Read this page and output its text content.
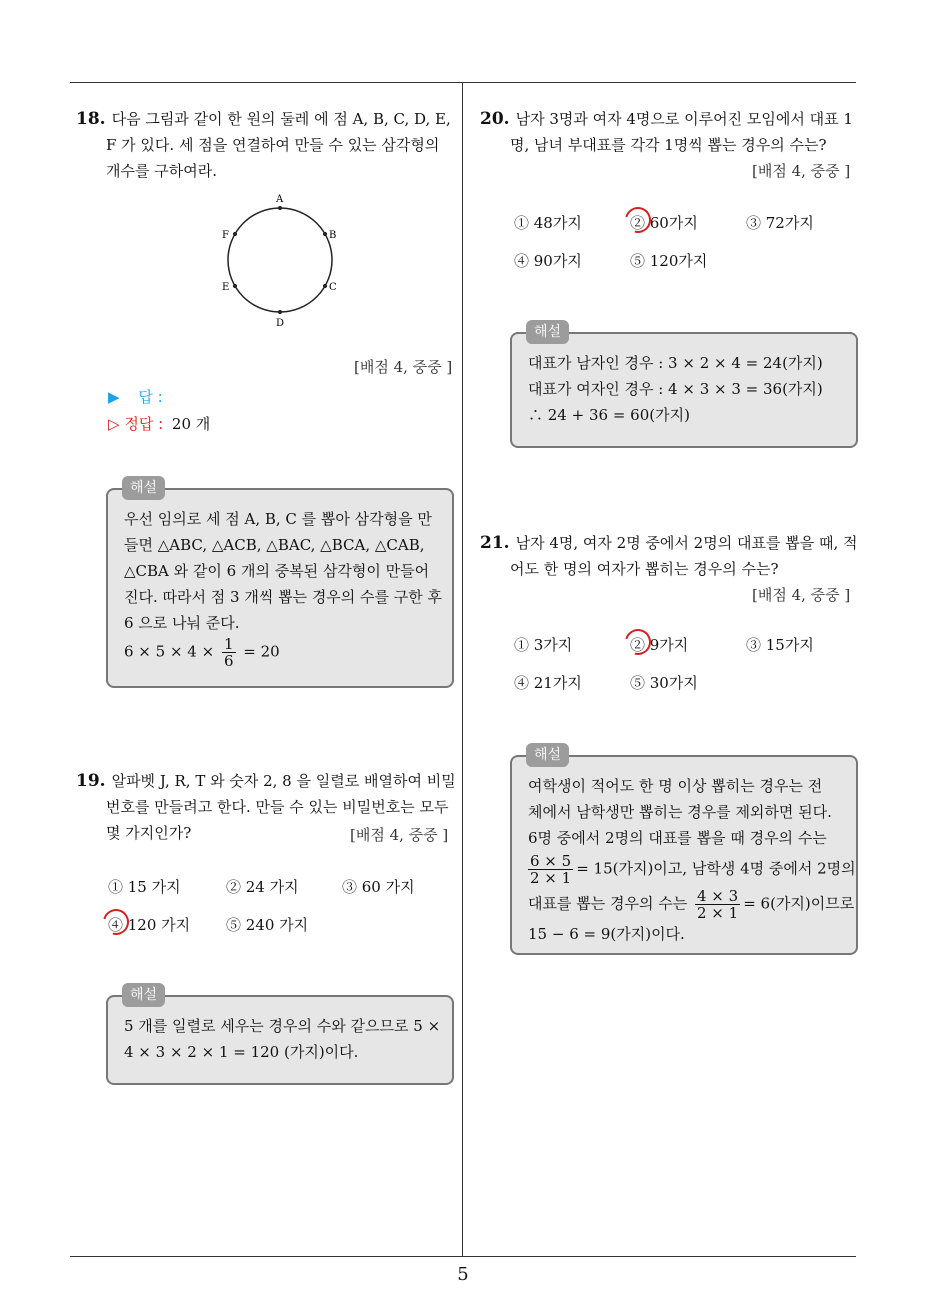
5
18. 다음 그림과 같이 한 원의 둘레 에 점 A, B, C, D, E,
F 가 있다. 세 점을 연결하여 만들 수 있는 삼각형의
개수를 구하여라.
A
B
C
D
E
F
[배점 4, 중중 ]
▶ 답 :
▷ 정답 : 20 개
해설
우선 임의로 세 점 A, B, C 를 뽑아 삼각형을 만
들면 △ABC, △ACB, △BAC, △BCA, △CAB,
△CBA 와 같이 6 개의 중복된 삼각형이 만들어
진다. 따라서 점 3 개씩 뽑는 경우의 수를 구한 후
6 으로 나눠 준다.
$6 \times 5 \times 4 \times \frac{1}{6} = 20$
19. 알파벳 J, R, T 와 숫자 2, 8 을 일렬로 배열하여 비밀
번호를 만들려고 한다. 만들 수 있는 비밀번호는 모두
몇 가지인가?	[배점 4, 중중 ]
① 15 가지	② 24 가지	③ 60 가지
④ 120 가지 ⑤ 240 가지
해설
5 개를 일렬로 세우는 경우의 수와 같으므로 5 ×
4 × 3 × 2 × 1 = 120 (가지)이다.
20. 남자 3명과 여자 4명으로 이루어진 모임에서 대표 1
명, 남녀 부대표를 각각 1명씩 뽑는 경우의 수는?
[배점 4, 중중 ]
① 48가지	② 60가지	③ 72가지
④ 90가지	⑤ 120가지
해설
대표가 남자인 경우 : 3 × 2 × 4 = 24(가지)
대표가 여자인 경우 : 4 × 3 × 3 = 36(가지)
∴ 24 + 36 = 60(가지)
21. 남자 4명, 여자 2명 중에서 2명의 대표를 뽑을 때, 적
어도 한 명의 여자가 뽑히는 경우의 수는?
[배점 4, 중중 ]
① 3가지	② 9가지	③ 15가지
④ 21가지	⑤ 30가지
해설
여학생이 적어도 한 명 이상 뽑히는 경우는 전
체에서 남학생만 뽑히는 경우를 제외하면 된다.
6명 중에서 2명의 대표를 뽑을 때 경우의 수는
$\frac{6 \times 5}{2 \times 1} = 15$(가지)이고, 남학생 4명 중에서 2명의
대표를 뽑는 경우의 수는 $\frac{4 \times 3}{2 \times 1} = 6$(가지)이므로
15 − 6 = 9(가지)이다.
